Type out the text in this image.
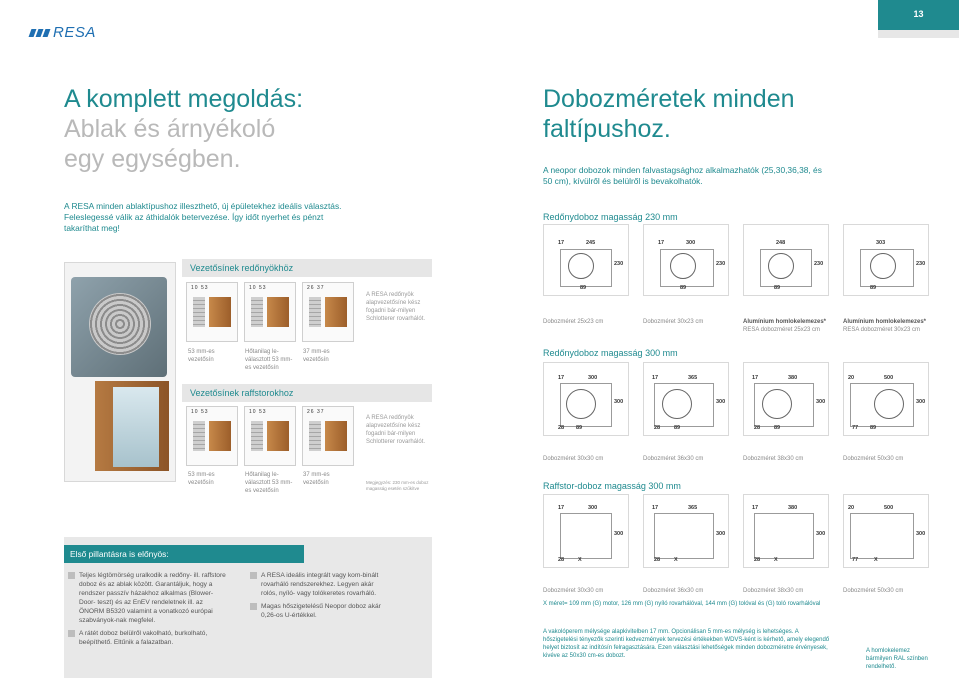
RESA
13
A komplett megoldás:
Ablak és árnyékoló
egy egységben.
A RESA minden ablaktípushoz illeszthető, új épületekhez ideális választás. Feleslegessé válik az áthidalók betervezése. Így időt nyerhet és pénzt takaríthat meg!
Dobozméretek minden
faltípushoz.
A neopor dobozok minden falvastagsághoz alkalmazhatók (25,30,36,38, és 50 cm), kívülről és belülről is bevakolhatók.
Vezetősínek redőnyökhöz
10 53	10 53	26 37
A RESA redőnyök alapvezetősíne kész fogadni bár-milyen Schlotterer rovarhálót.
53 mm-es vezetősín
Hőtanilag le-választott 53 mm-es vezetősín
37 mm-es vezetősín
Vezetősínek raffstorokhoz
10 53	10 53	26 37
A RESA redőnyök alapvezetősíne kész fogadni bár-milyen Schlotterer rovarhálót.
Megjegyzés: 230 mm-es doboz magasság esetén szűkítve
53 mm-es vezetősín
Hőtanilag le-választott 53 mm-es vezetősín
37 mm-es vezetősín
Első pillantásra is előnyös:
Teljes légtömörség uralkodik a redőny- ill. raffstore doboz és az ablak között. Garantáljuk, hogy a rendszer passzív házakhoz alkalmas (Blower-Door- teszt) és az EnEV rendeletnek ill. az ÖNORM B5320 valamint a vonatkozó európai szabványok-nak megfelel.
A rátét doboz belülről vakolható, burkolható, beépíthető. Eltűnik a falazatban.
A RESA ideális integrált vagy kom-binált rovarháló rendszerekhez. Legyen akár rolós, nyíló- vagy tolókeretes rovarháló.
Magas hőszigetelésű Neopor doboz akár 0,26-os U-értékkel.
Redőnydoboz magasság 230 mm
17	245
230
89
17	300
230
89
248
230
89
303
230
89
Dobozméret 25x23 cm	Dobozméret 30x23 cm	Alumínium homlokelemezes*
RESA dobozméret 25x23 cm
Alumínium homlokelemezes*
RESA dobozméret 30x23 cm
Redőnydoboz magasság 300 mm
17	300
300
28 89
17	365
300
28	89
17	380
300
28	89
20	500
300
77 89
Dobozméret 30x30 cm	Dobozméret 36x30 cm	Dobozméret 38x30 cm	Dobozméret 50x30 cm
Raffstor-doboz magasság 300 mm
17	300
300
28	X
17	365
300
28	X
17	380
300
28	X
20	500
300
77	X
Dobozméret 30x30 cm	Dobozméret 36x30 cm	Dobozméret 38x30 cm	Dobozméret 50x30 cm
X méret= 109 mm (G) motor, 126 mm (G) nyíló rovarhálóval, 144 mm (G) tolóval és (G) toló rovarhálóval
A vakolóperem mélysége alapkivitelben 17 mm. Opcionálisan 5 mm-es mélység is lehetséges. A hőszigetelési tényezők szerinti kedvezmények tervezési értékekben WDVS-ként is kérhető, amely elegendő helyet biztosít az indítósín felragasztására. Ezen választási lehetőségek minden dobozméretre érvényesek, kivéve az 50x30 cm-es dobozt.
A homlokelemez bármilyen RAL színben rendelhető.
